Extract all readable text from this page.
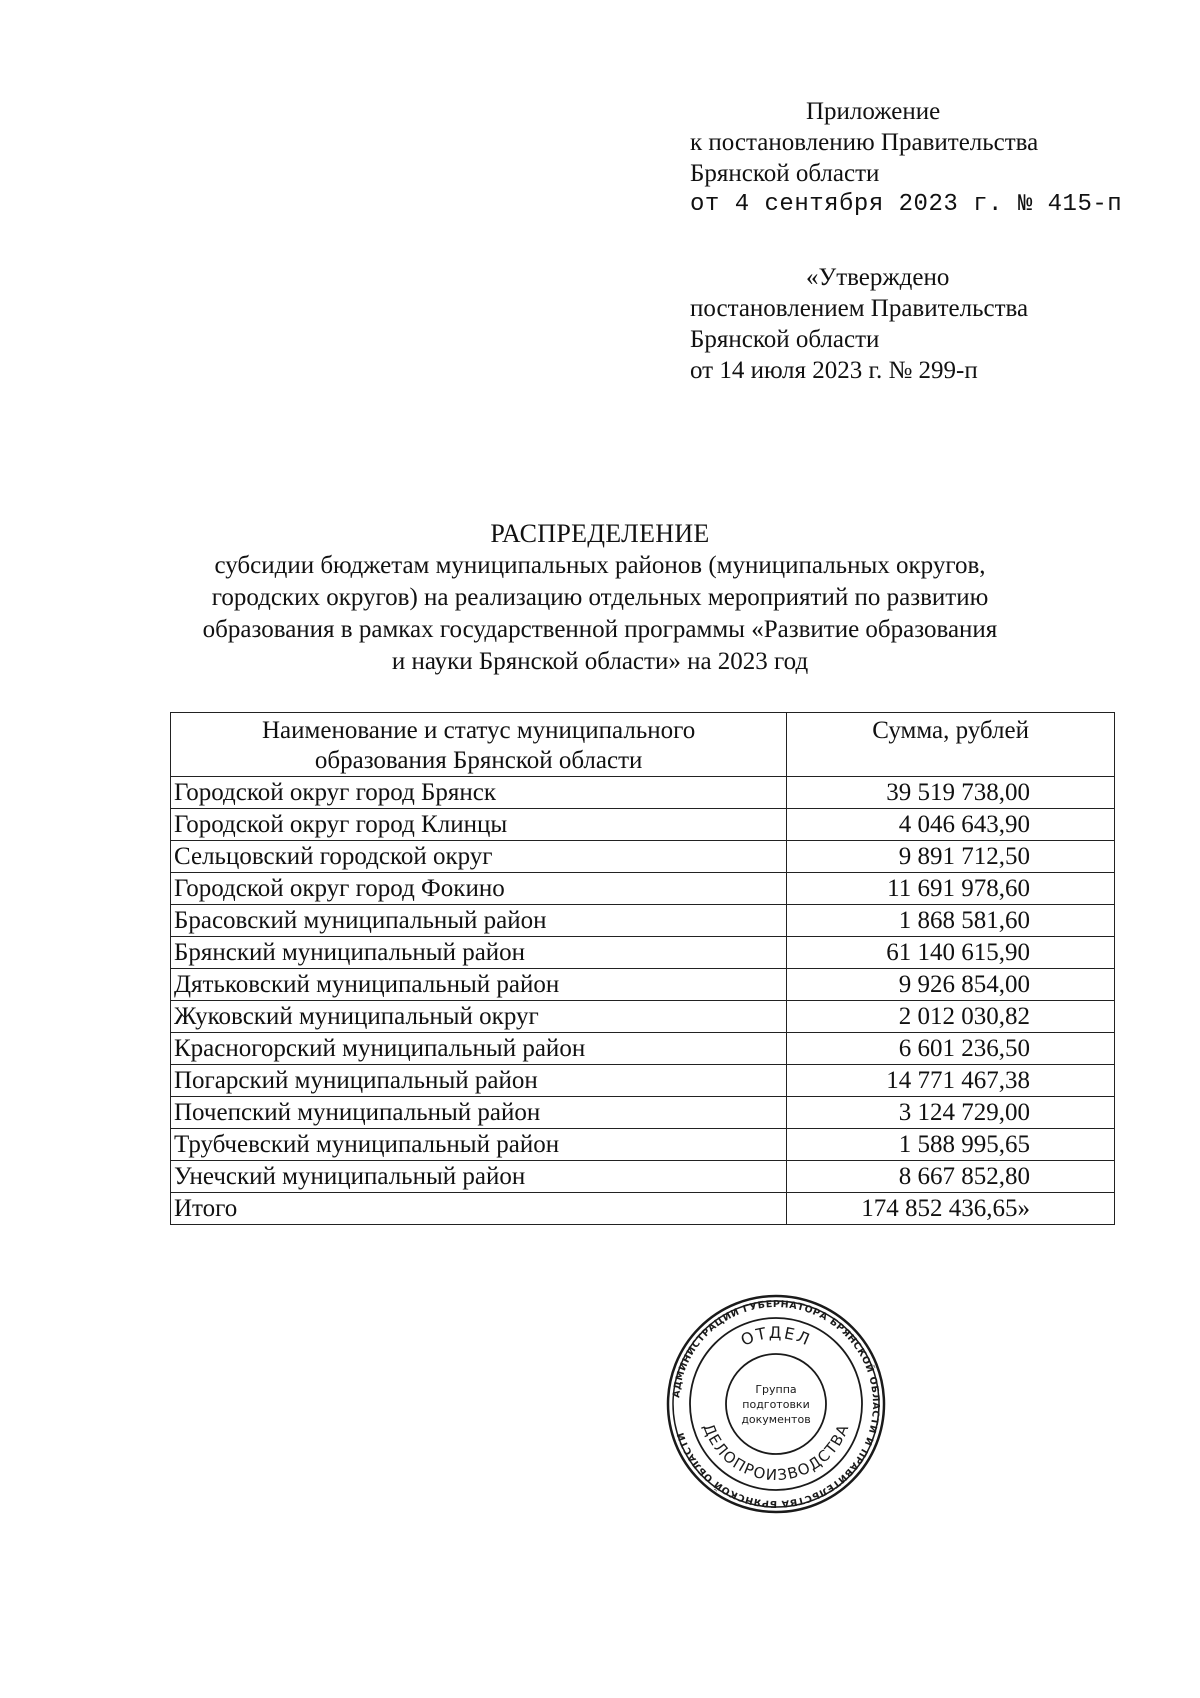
Приложение
к постановлению Правительства
Брянской области
от 4 сентября 2023 г. № 415-п
«Утверждено
постановлением Правительства
Брянской области
от 14 июля 2023 г. № 299-п
РАСПРЕДЕЛЕНИЕ
субсидии бюджетам муниципальных районов (муниципальных округов,
городских округов) на реализацию отдельных мероприятий по развитию
образования в рамках государственной программы «Развитие образования
и науки Брянской области» на 2023 год
Наименование и статус муниципального
образования Брянской области	Сумма, рублей
Городской округ город Брянск	39 519 738,00
Городской округ город Клинцы	4 046 643,90
Сельцовский городской округ	9 891 712,50
Городской округ город Фокино	11 691 978,60
Брасовский муниципальный район	1 868 581,60
Брянский муниципальный район	61 140 615,90
Дятьковский муниципальный район	9 926 854,00
Жуковский муниципальный округ	2 012 030,82
Красногорский муниципальный район	6 601 236,50
Погарский муниципальный район	14 771 467,38
Почепский муниципальный район	3 124 729,00
Трубчевский муниципальный район	1 588 995,65
Унечский муниципальный район	8 667 852,80
Итого	174 852 436,65»
АДМИНИСТРАЦИИ ГУБЕРНАТОРА БРЯНСКОЙ ОБЛАСТИ И ПРАВИТЕЛЬСТВА БРЯНСКОЙ ОБЛАСТИ
ОТДЕЛ
ДЕЛОПРОИЗВОДСТВА
Группа
подготовки
документов
